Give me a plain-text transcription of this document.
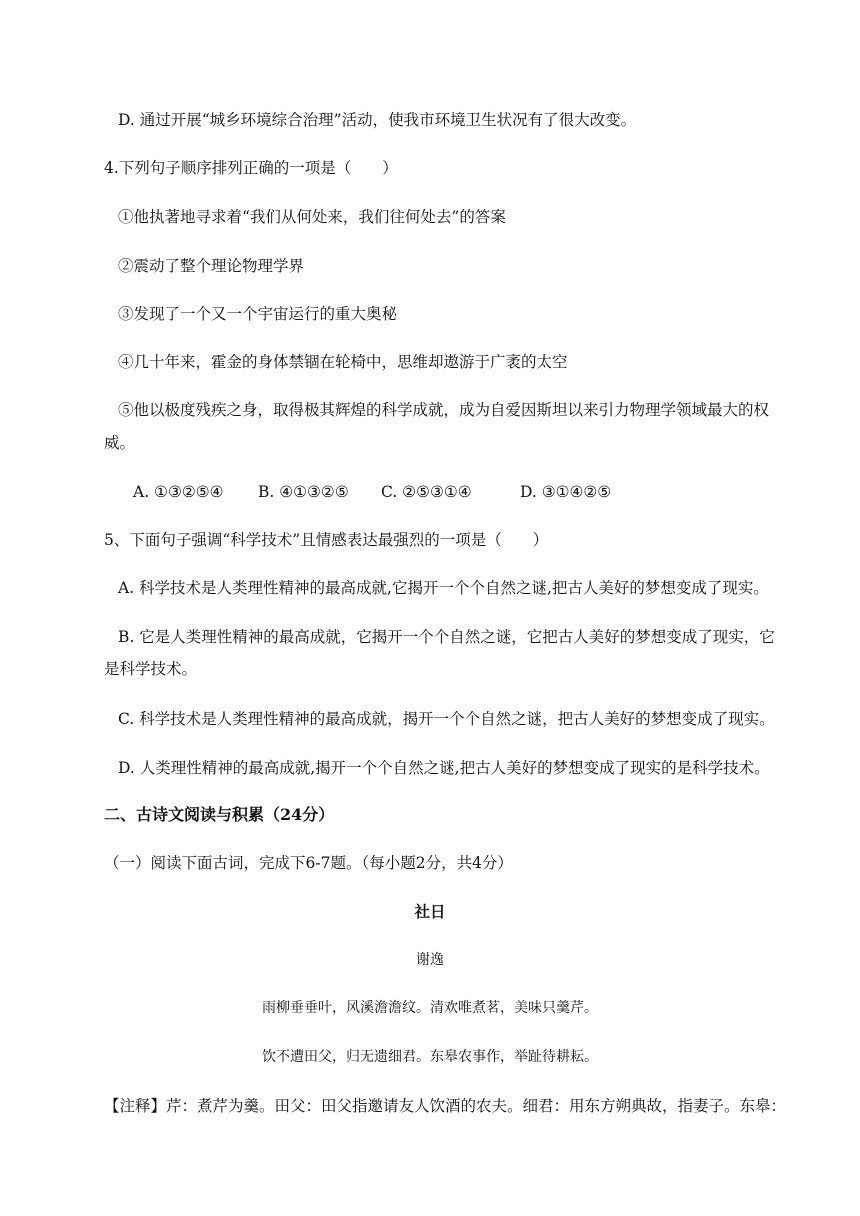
D. 通过开展“城乡环境综合治理”活动，使我市环境卫生状况有了很大改变。
4.下列句子顺序排列正确的一项是（　　）
①他执著地寻求着“我们从何处来，我们往何处去”的答案
②震动了整个理论物理学界
③发现了一个又一个宇宙运行的重大奥秘
④几十年来，霍金的身体禁锢在轮椅中，思维却遨游于广袤的太空
⑤他以极度残疾之身，取得极其辉煌的科学成就，成为自爱因斯坦以来引力物理学领域最大的权
威。
A. ①③②⑤④ B. ④①③②⑤ C. ②⑤③①④	D. ③①④②⑤
5、下面句子强调“科学技术”且情感表达最强烈的一项是（　　）
A. 科学技术是人类理性精神的最高成就,它揭开一个个自然之谜,把古人美好的梦想变成了现实。
B. 它是人类理性精神的最高成就，它揭开一个个自然之谜，它把古人美好的梦想变成了现实，它
是科学技术。
C. 科学技术是人类理性精神的最高成就，揭开一个个自然之谜，把古人美好的梦想变成了现实。
D. 人类理性精神的最高成就,揭开一个个自然之谜,把古人美好的梦想变成了现实的是科学技术。
二、古诗文阅读与积累（24分）
（一）阅读下面古词，完成下6-7题。（每小题2分，共4分）
社日
谢逸
雨柳垂垂叶，风溪澹澹纹。清欢唯煮茗，美味只羹芹。
饮不遭田父，归无遗细君。东皋农事作，举趾待耕耘。
【注释】芹：煮芹为羹。田父：田父指邀请友人饮酒的农夫。细君：用东方朔典故，指妻子。东皋：
